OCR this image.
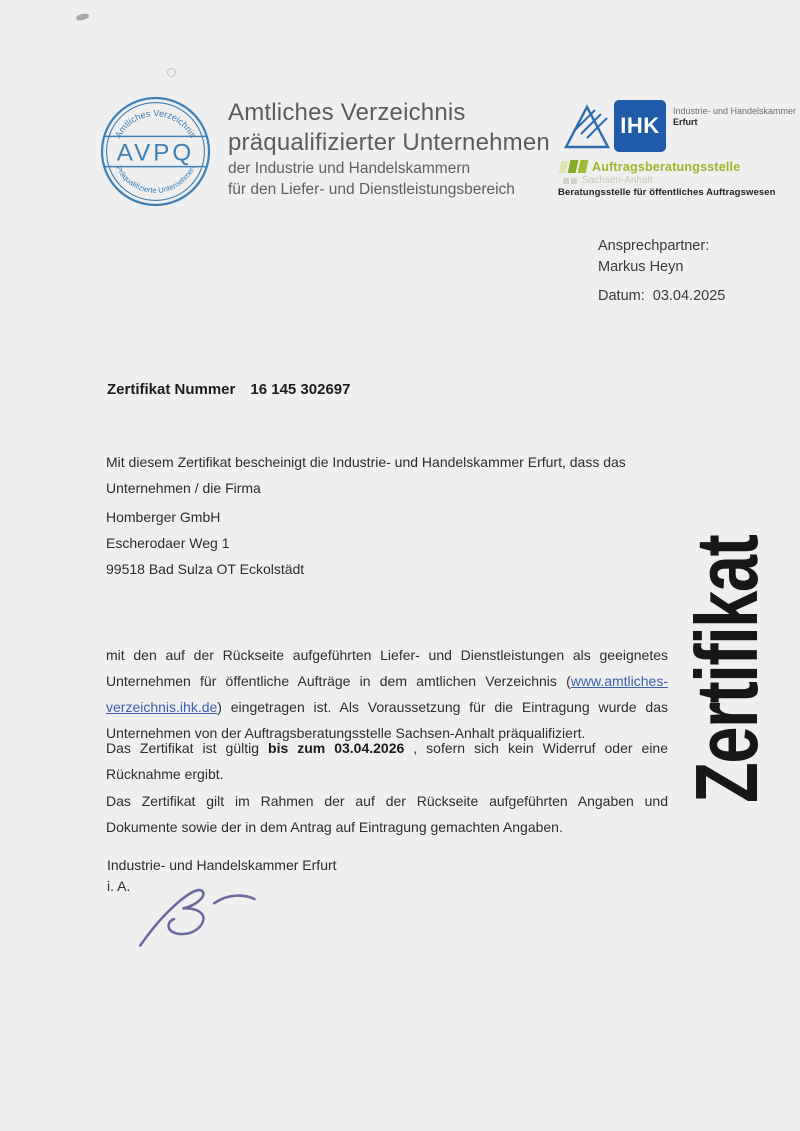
Amtliches Verzeichnis
Präqualifizierte Unternehmen
AVPQ
Amtliches Verzeichnis
präqualifizierter Unternehmen
der Industrie und Handelskammern
für den Liefer- und Dienstleistungsbereich
IHK
Industrie- und Handelskammer
Erfurt
Auftragsberatungsstelle
Sachsen-Anhalt
Beratungsstelle für öffentliches Auftragswesen
Ansprechpartner:
Markus Heyn
Datum: 03.04.2025
Zertifikat Nummer 16 145 302697
Mit diesem Zertifikat bescheinigt die Industrie- und Handelskammer Erfurt, dass das
Unternehmen / die Firma
Homberger GmbH
Escherodaer Weg 1
99518 Bad Sulza OT Eckolstädt
mit den auf der Rückseite aufgeführten Liefer- und Dienstleistungen als geeignetes
Unternehmen für öffentliche Aufträge in dem amtlichen Verzeichnis (www.amtliches-
verzeichnis.ihk.de) eingetragen ist. Als Voraussetzung für die Eintragung wurde das
Unternehmen von der Auftragsberatungsstelle Sachsen-Anhalt präqualifiziert.
Das Zertifikat ist gültig bis zum 03.04.2026 , sofern sich kein Widerruf oder eine
Rücknahme ergibt.
Das Zertifikat gilt im Rahmen der auf der Rückseite aufgeführten Angaben und
Dokumente sowie der in dem Antrag auf Eintragung gemachten Angaben.
Industrie- und Handelskammer Erfurt
i. A.
Zertifikat
